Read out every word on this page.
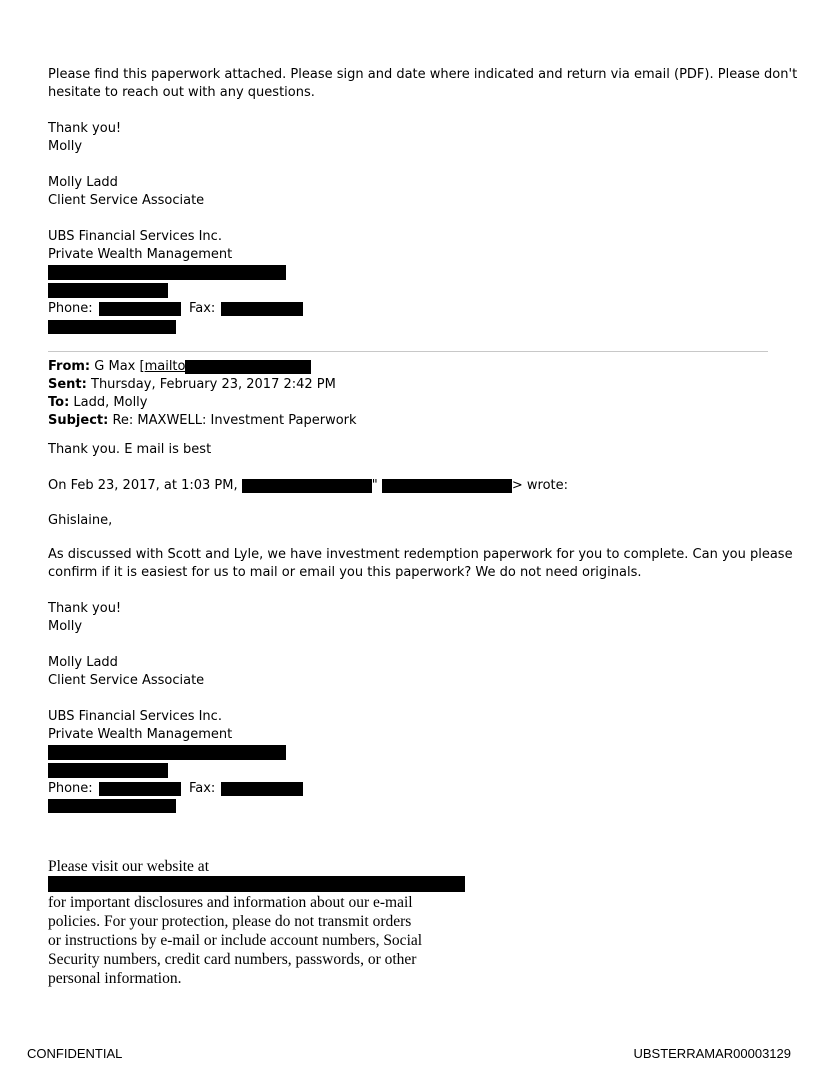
Please find this paperwork attached. Please sign and date where indicated and return via email (PDF). Please don't
hesitate to reach out with any questions.
Thank you!
Molly
Molly Ladd
Client Service Associate
UBS Financial Services Inc.
Private Wealth Management
Phone:	Fax:
From: G Max [mailto
Sent: Thursday, February 23, 2017 2:42 PM
To: Ladd, Molly
Subject: Re: MAXWELL: Investment Paperwork
Thank you. E mail is best
On Feb 23, 2017, at 1:03 PM,	"	> wrote:
Ghislaine,
As discussed with Scott and Lyle, we have investment redemption paperwork for you to complete. Can you please
confirm if it is easiest for us to mail or email you this paperwork? We do not need originals.
Thank you!
Molly
Molly Ladd
Client Service Associate
UBS Financial Services Inc.
Private Wealth Management
Phone:	Fax:
Please visit our website at
for important disclosures and information about our e-mail
policies. For your protection, please do not transmit orders
or instructions by e-mail or include account numbers, Social
Security numbers, credit card numbers, passwords, or other
personal information.
CONFIDENTIAL	UBSTERRAMAR00003129
